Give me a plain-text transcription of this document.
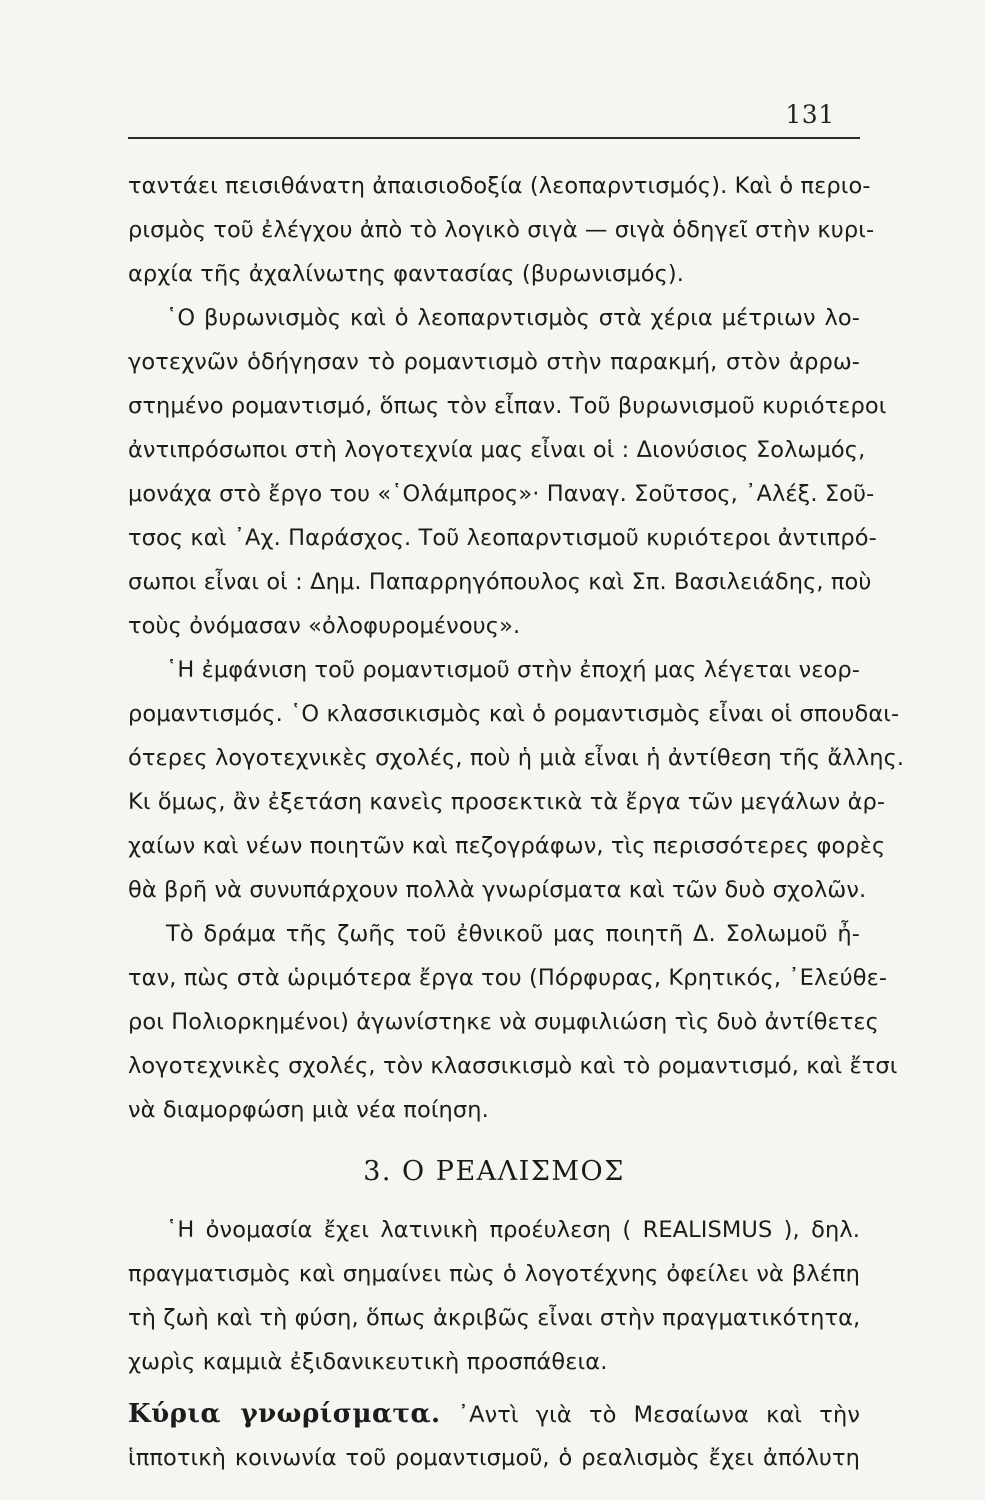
131
ταντάει πεισιθάνατη ἀπαισιοδοξία (λεοπαρντισμός). Καὶ ὁ περιο-
ρισμὸς τοῦ ἐλέγχου ἀπὸ τὸ λογικὸ σιγὰ — σιγὰ ὁδηγεῖ στὴν κυρι-
αρχία τῆς ἀχαλίνωτης φαντασίας (βυρωνισμός).
῾Ο βυρωνισμὸς καὶ ὁ λεοπαρντισμὸς στὰ χέρια μέτριων λο-
γοτεχνῶν ὁδήγησαν τὸ ρομαντισμὸ στὴν παρακμή, στὸν ἀρρω-
στημένο ρομαντισμό, ὅπως τὸν εἶπαν. Τοῦ βυρωνισμοῦ κυριότεροι
ἀντιπρόσωποι στὴ λογοτεχνία μας εἶναι οἱ : Διονύσιος Σολωμός,
μονάχα στὸ ἔργο του «῾Ολάμπρος»· Παναγ. Σοῦτσος, ᾿Αλέξ. Σοῦ-
τσος καὶ ᾿Αχ. Παράσχος. Τοῦ λεοπαρντισμοῦ κυριότεροι ἀντιπρό-
σωποι εἶναι οἱ : Δημ. Παπαρρηγόπουλος καὶ Σπ. Βασιλειάδης, ποὺ
τοὺς ὀνόμασαν «ὀλοφυρομένους».
῾Η ἐμφάνιση τοῦ ρομαντισμοῦ στὴν ἐποχή μας λέγεται νεορ-
ρομαντισμός. ῾Ο κλασσικισμὸς καὶ ὁ ρομαντισμὸς εἶναι οἱ σπουδαι-
ότερες λογοτεχνικὲς σχολές, ποὺ ἡ μιὰ εἶναι ἡ ἀντίθεση τῆς ἄλλης.
Κι ὅμως, ἂν ἐξετάση κανεὶς προσεκτικὰ τὰ ἔργα τῶν μεγάλων ἀρ-
χαίων καὶ νέων ποιητῶν καὶ πεζογράφων, τὶς περισσότερες φορὲς
θὰ βρῆ νὰ συνυπάρχουν πολλὰ γνωρίσματα καὶ τῶν δυὸ σχολῶν.
Τὸ δράμα τῆς ζωῆς τοῦ ἐθνικοῦ μας ποιητῆ Δ. Σολωμοῦ ἦ-
ταν, πὼς στὰ ὡριμότερα ἔργα του (Πόρφυρας, Κρητικός, ᾿Ελεύθε-
ροι Πολιορκημένοι) ἀγωνίστηκε νὰ συμφιλιώση τὶς δυὸ ἀντίθετες
λογοτεχνικὲς σχολές, τὸν κλασσικισμὸ καὶ τὸ ρομαντισμό, καὶ ἔτσι
νὰ διαμορφώση μιὰ νέα ποίηση.
3. Ο ΡΕΑΛΙΣΜΟΣ
῾Η ὀνομασία ἔχει λατινικὴ προέυλεση ( REALISMUS ), δηλ.
πραγματισμὸς καὶ σημαίνει πὼς ὁ λογοτέχνης ὀφείλει νὰ βλέπη
τὴ ζωὴ καὶ τὴ φύση, ὅπως ἀκριβῶς εἶναι στὴν πραγματικότητα,
χωρὶς καμμιὰ ἐξιδανικευτικὴ προσπάθεια.
Κύρια γνωρίσματα. ᾿Αντὶ γιὰ τὸ Μεσαίωνα καὶ τὴν
ἱπποτικὴ κοινωνία τοῦ ρομαντισμοῦ, ὁ ρεαλισμὸς ἔχει ἀπόλυτη
